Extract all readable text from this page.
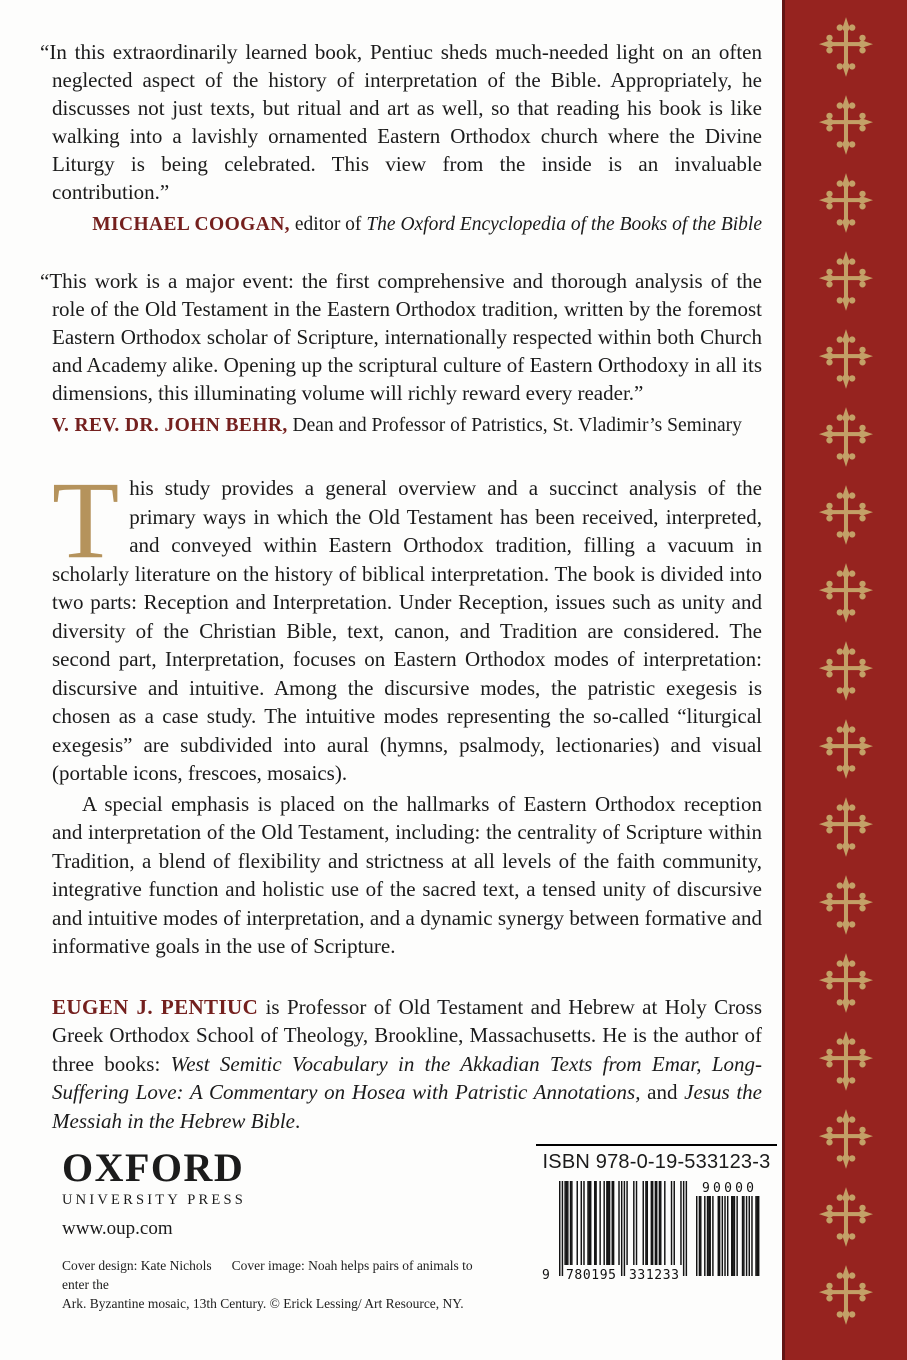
“In this extraordinarily learned book, Pentiuc sheds much-needed light on an often neglected aspect of the history of interpretation of the Bible. Appropriately, he discusses not just texts, but ritual and art as well, so that reading his book is like walking into a lavishly ornamented Eastern Orthodox church where the Divine Liturgy is being celebrated. This view from the inside is an invaluable contribution.”

MICHAEL COOGAN, editor of The Oxford Encyclopedia of the Books of the Bible

“This work is a major event: the first comprehensive and thorough analysis of the role of the Old Testament in the Eastern Orthodox tradition, written by the foremost Eastern Orthodox scholar of Scripture, internationally respected within both Church and Academy alike. Opening up the scriptural culture of Eastern Orthodoxy in all its dimensions, this illuminating volume will richly reward every reader.”

V. REV. DR. JOHN BEHR, Dean and Professor of Patristics, St. Vladimir’s Seminary

This study provides a general overview and a succinct analysis of the primary ways in which the Old Testament has been received, interpreted, and conveyed within Eastern Orthodox tradition, filling a vacuum in scholarly literature on the history of biblical interpretation. The book is divided into two parts: Reception and Interpretation. Under Reception, issues such as unity and diversity of the Christian Bible, text, canon, and Tradition are considered. The second part, Interpretation, focuses on Eastern Orthodox modes of interpretation: discursive and intuitive. Among the discursive modes, the patristic exegesis is chosen as a case study. The intuitive modes representing the so-called “liturgical exegesis” are subdivided into aural (hymns, psalmody, lectionaries) and visual (portable icons, frescoes, mosaics).

A special emphasis is placed on the hallmarks of Eastern Orthodox reception and interpretation of the Old Testament, including: the centrality of Scripture within Tradition, a blend of flexibility and strictness at all levels of the faith community, integrative function and holistic use of the sacred text, a tensed unity of discursive and intuitive modes of interpretation, and a dynamic synergy between formative and informative goals in the use of Scripture.

EUGEN J. PENTIUC is Professor of Old Testament and Hebrew at Holy Cross Greek Orthodox School of Theology, Brookline, Massachusetts. He is the author of three books: West Semitic Vocabulary in the Akkadian Texts from Emar, Long-Suffering Love: A Commentary on Hosea with Patristic Annotations, and Jesus the Messiah in the Hebrew Bible.

OXFORD
UNIVERSITY PRESS
www.oup.com
Cover design: Kate Nichols Cover image: Noah helps pairs of animals to enter the
Ark. Byzantine mosaic, 13th Century. © Erick Lessing/ Art Resource, NY.
ISBN 978-0-19-533123-3
9 780195 331233
90000
